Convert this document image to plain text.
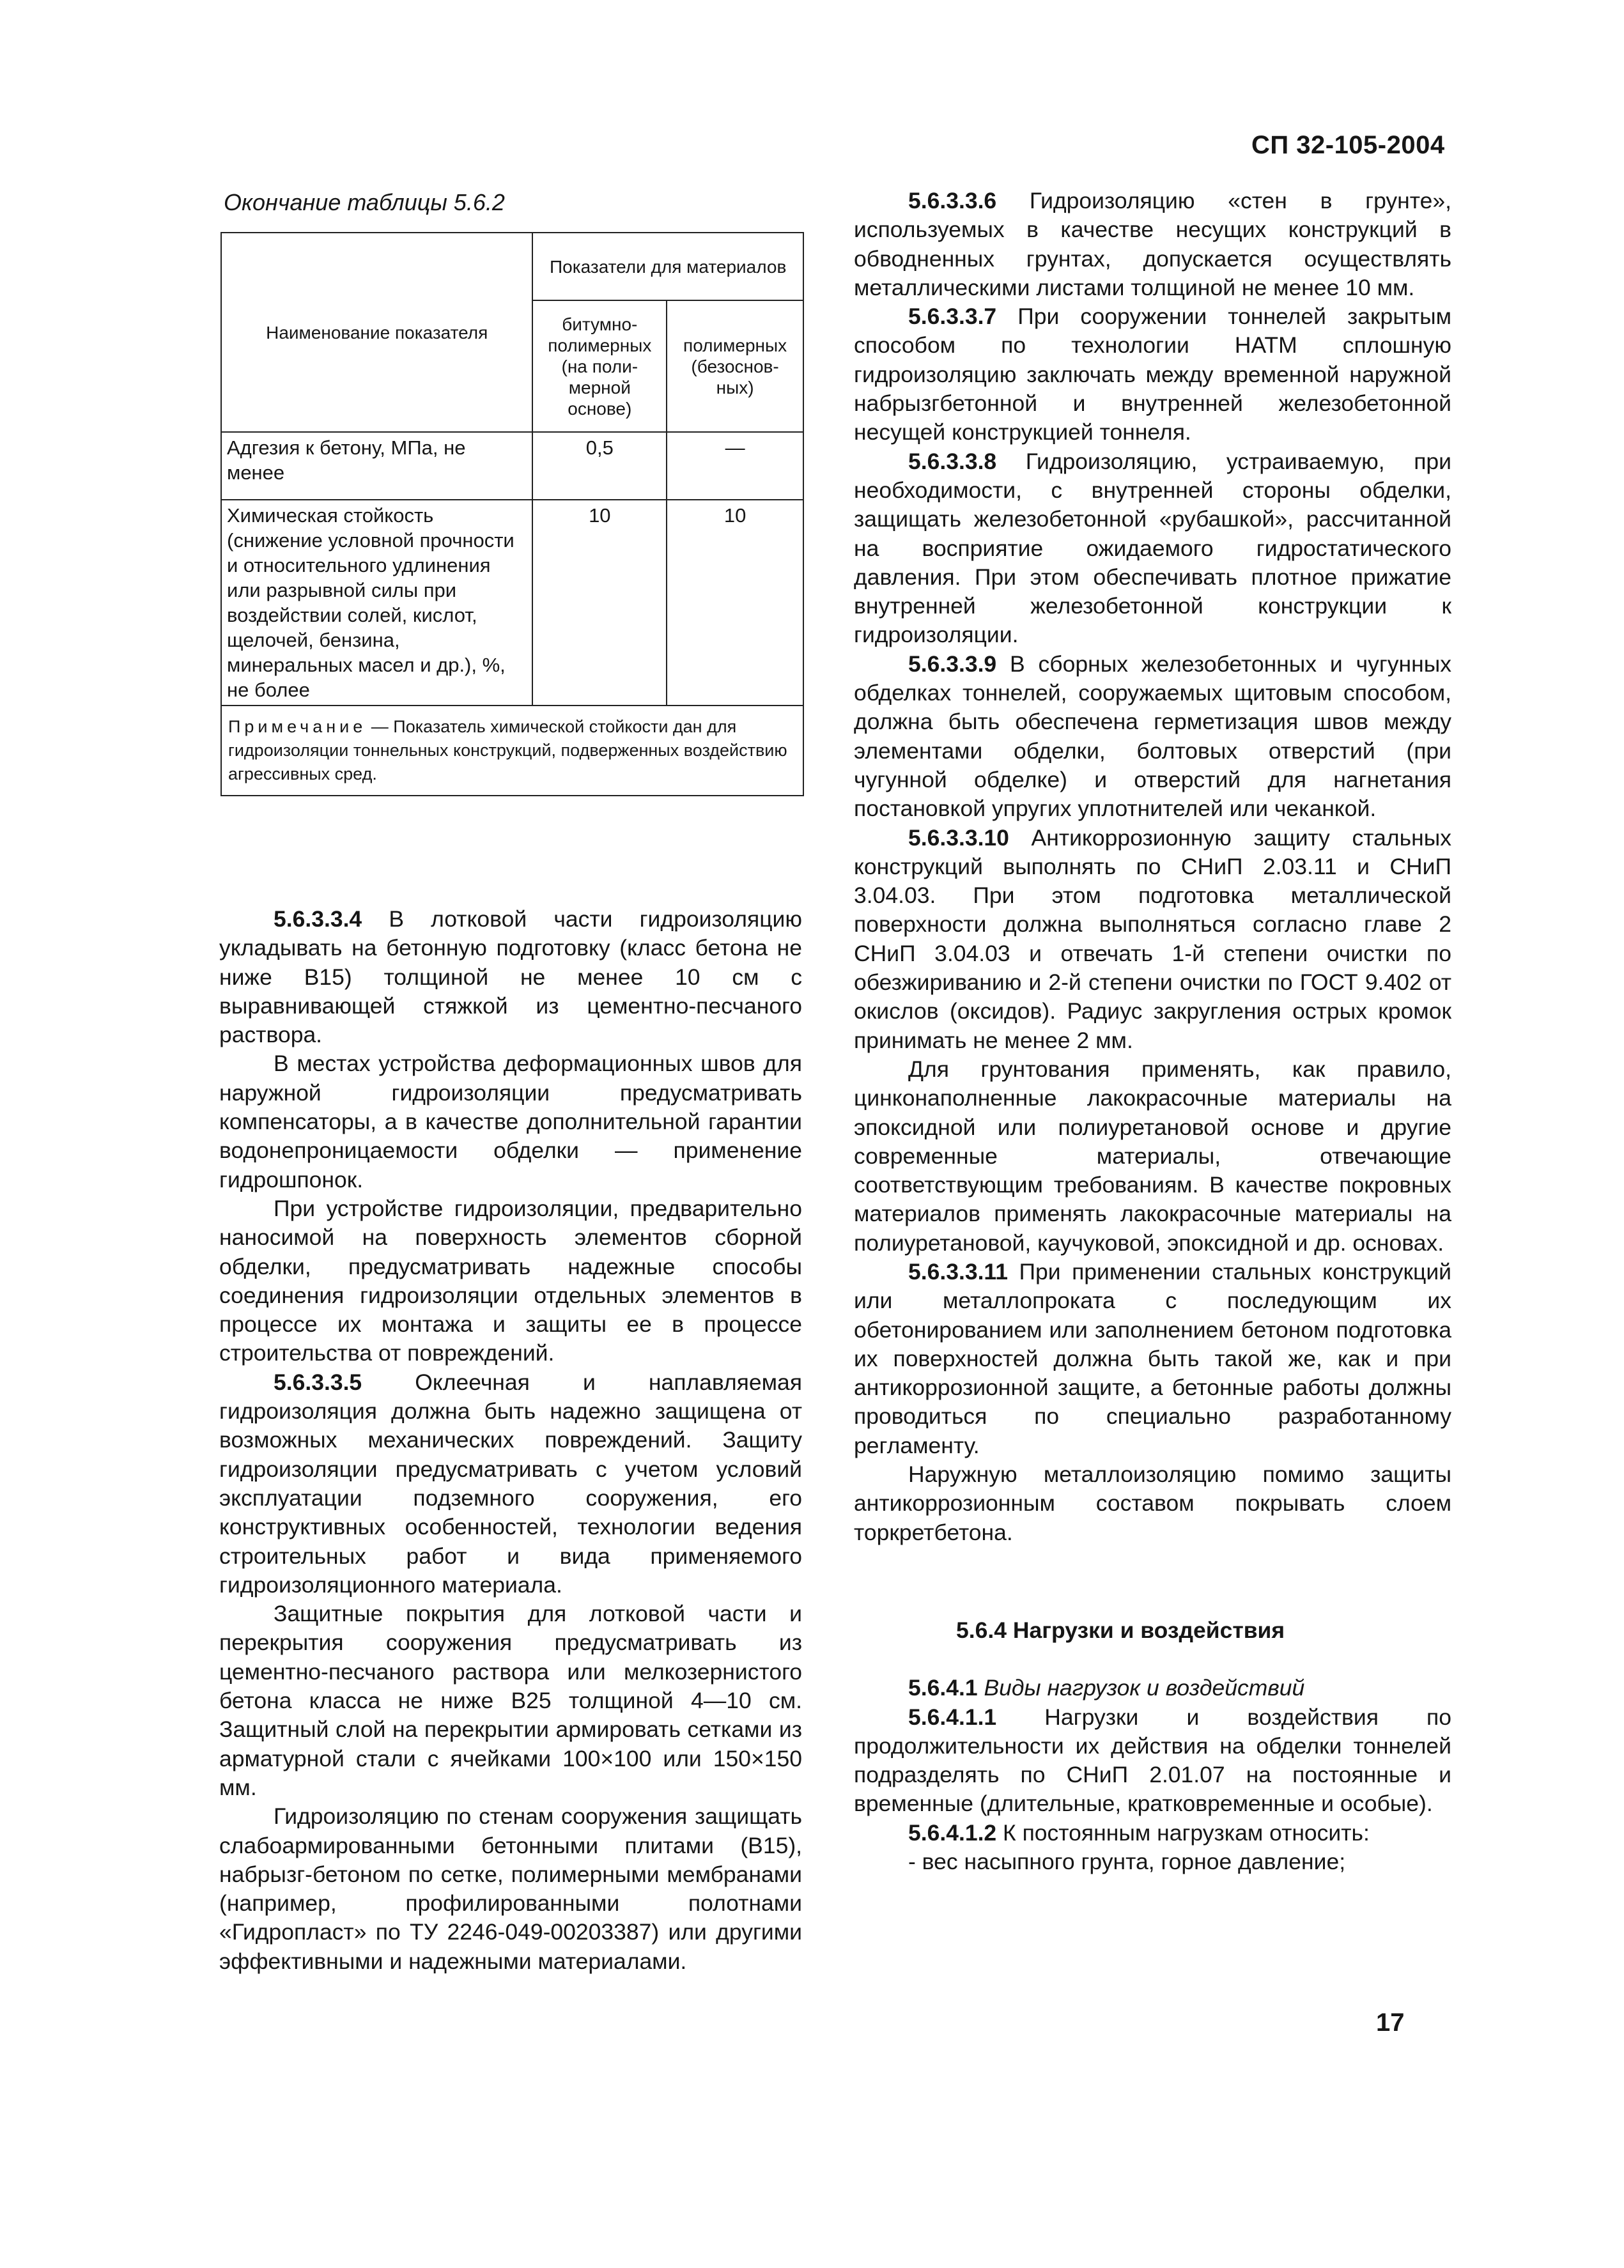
СП 32-105-2004
Окончание таблицы 5.6.2
Наименование показателя	Показатели для материалов	
	битумно-полимерных (на поли-мерной основе)	полимерных (безоснов-ных)
Адгезия к бетону, МПа, не менее	0,5	—
Химическая стойкость (снижение условной прочности и относительного удлинения или разрывной силы при воздействии солей, кислот, щелочей, бензина, минеральных масел и др.), %, не более	10	10
Примечание — Показатель химической стойкости дан для гидроизоляции тоннельных конструкций, подверженных воздействию агрессивных сред.		

5.6.3.3.4 В лотковой части гидроизоляцию укладывать на бетонную подготовку (класс бетона не ниже В15) толщиной не менее 10 см с выравнивающей стяжкой из цементно-песчаного раствора.

В местах устройства деформационных швов для наружной гидроизоляции предусматривать компенсаторы, а в качестве дополнительной гарантии водонепроницаемости обделки — применение гидрошпонок.

При устройстве гидроизоляции, предварительно наносимой на поверхность элементов сборной обделки, предусматривать надежные способы соединения гидроизоляции отдельных элементов в процессе их монтажа и защиты ее в процессе строительства от повреждений.

5.6.3.3.5 Оклеечная и наплавляемая гидроизоляция должна быть надежно защищена от возможных механических повреждений. Защиту гидроизоляции предусматривать с учетом условий эксплуатации подземного сооружения, его конструктивных особенностей, технологии ведения строительных работ и вида применяемого гидроизоляционного материала.

Защитные покрытия для лотковой части и перекрытия сооружения предусматривать из цементно-песчаного раствора или мелкозернистого бетона класса не ниже В25 толщиной 4—10 см. Защитный слой на перекрытии армировать сетками из арматурной стали с ячейками 100×100 или 150×150 мм.

Гидроизоляцию по стенам сооружения защищать слабоармированными бетонными плитами (В15), набрызг-бетоном по сетке, полимерными мембранами (например, профилированными полотнами «Гидропласт» по ТУ 2246-049-00203387) или другими эффективными и надежными материалами.

5.6.3.3.6 Гидроизоляцию «стен в грунте», используемых в качестве несущих конструкций в обводненных грунтах, допускается осуществлять металлическими листами толщиной не менее 10 мм.

5.6.3.3.7 При сооружении тоннелей закрытым способом по технологии НАТМ сплошную гидроизоляцию заключать между временной наружной набрызгбетонной и внутренней железобетонной несущей конструкцией тоннеля.

5.6.3.3.8 Гидроизоляцию, устраиваемую, при необходимости, с внутренней стороны обделки, защищать железобетонной «рубашкой», рассчитанной на восприятие ожидаемого гидростатического давления. При этом обеспечивать плотное прижатие внутренней железобетонной конструкции к гидроизоляции.

5.6.3.3.9 В сборных железобетонных и чугунных обделках тоннелей, сооружаемых щитовым способом, должна быть обеспечена герметизация швов между элементами обделки, болтовых отверстий (при чугунной обделке) и отверстий для нагнетания постановкой упругих уплотнителей или чеканкой.

5.6.3.3.10 Антикоррозионную защиту стальных конструкций выполнять по СНиП 2.03.11 и СНиП 3.04.03. При этом подготовка металлической поверхности должна выполняться согласно главе 2 СНиП 3.04.03 и отвечать 1-й степени очистки по обезжириванию и 2-й степени очистки по ГОСТ 9.402 от окислов (оксидов). Радиус закругления острых кромок принимать не менее 2 мм.

Для грунтования применять, как правило, цинконаполненные лакокрасочные материалы на эпоксидной или полиуретановой основе и другие современные материалы, отвечающие соответствующим требованиям. В качестве покровных материалов применять лакокрасочные материалы на полиуретановой, каучуковой, эпоксидной и др. основах.

5.6.3.3.11 При применении стальных конструкций или металлопроката с последующим их обетонированием или заполнением бетоном подготовка их поверхностей должна быть такой же, как и при антикоррозионной защите, а бетонные работы должны проводиться по специально разработанному регламенту.

Наружную металлоизоляцию помимо защиты антикоррозионным составом покрывать слоем торкретбетона.

5.6.4 Нагрузки и воздействия

5.6.4.1 Виды нагрузок и воздействий

5.6.4.1.1 Нагрузки и воздействия по продолжительности их действия на обделки тоннелей подразделять по СНиП 2.01.07 на постоянные и временные (длительные, кратковременные и особые).

5.6.4.1.2 К постоянным нагрузкам относить:

- вес насыпного грунта, горное давление;

17
